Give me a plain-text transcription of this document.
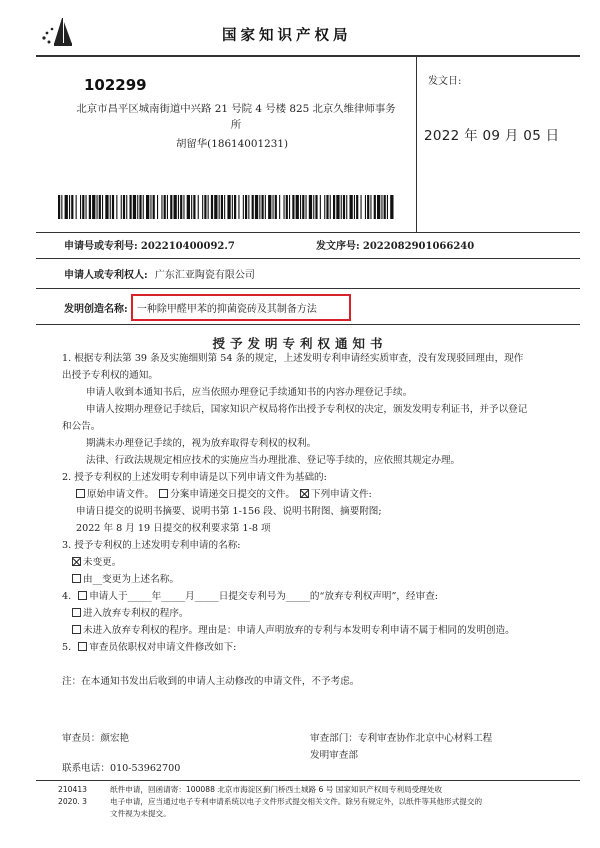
国家知识产权局
102299
北京市昌平区城南街道中兴路 21 号院 4 号楼 825 北京久维律师事务
所
胡留华(18614001231)
发文日:
2022 年 09 月 05 日
申请号或专利号: 202210400092.7	发文序号: 2022082901066240
申请人或专利权人: 广东汇亚陶瓷有限公司
发明创造名称: 一种除甲醛甲苯的抑菌瓷砖及其制备方法
授予发明专利权通知书
1. 根据专利法第 39 条及实施细则第 54 条的规定，上述发明专利申请经实质审查，没有发现驳回理由，现作
出授予专利权的通知。
申请人收到本通知书后，应当依照办理登记手续通知书的内容办理登记手续。
申请人按期办理登记手续后，国家知识产权局将作出授予专利权的决定，颁发发明专利证书，并予以登记
和公告。
期满未办理登记手续的，视为放弃取得专利权的权利。
法律、行政法规规定相应技术的实施应当办理批准、登记等手续的，应依照其规定办理。
2. 授予专利权的上述发明专利申请是以下列申请文件为基础的:
原始申请文件。 分案申请递交日提交的文件。 下列申请文件:
申请日提交的说明书摘要、说明书第 1-156 段、说明书附图、摘要附图;
2022 年 8 月 19 日提交的权利要求第 1-8 项
3. 授予专利权的上述发明专利申请的名称:
未变更。
由__变更为上述名称。
4. 申请人于_____年_____月_____日提交专利号为_____的“放弃专利权声明”，经审查:
进入放弃专利权的程序。
未进入放弃专利权的程序。理由是：申请人声明放弃的专利与本发明专利申请不属于相同的发明创造。
5. 审查员依职权对申请文件修改如下:
注：在本通知书发出后收到的申请人主动修改的申请文件，不予考虑。
审查员：颜宏艳
联系电话：010-53962700
审查部门：专利审查协作北京中心材料工程
发明审查部
210413
2020. 3
纸件申请，回函请寄：100088 北京市海淀区蓟门桥西土城路 6 号 国家知识产权局专利局受理处收
电子申请，应当通过电子专利申请系统以电子文件形式提交相关文件。除另有规定外，以纸件等其他形式提交的
文件视为未提交。
